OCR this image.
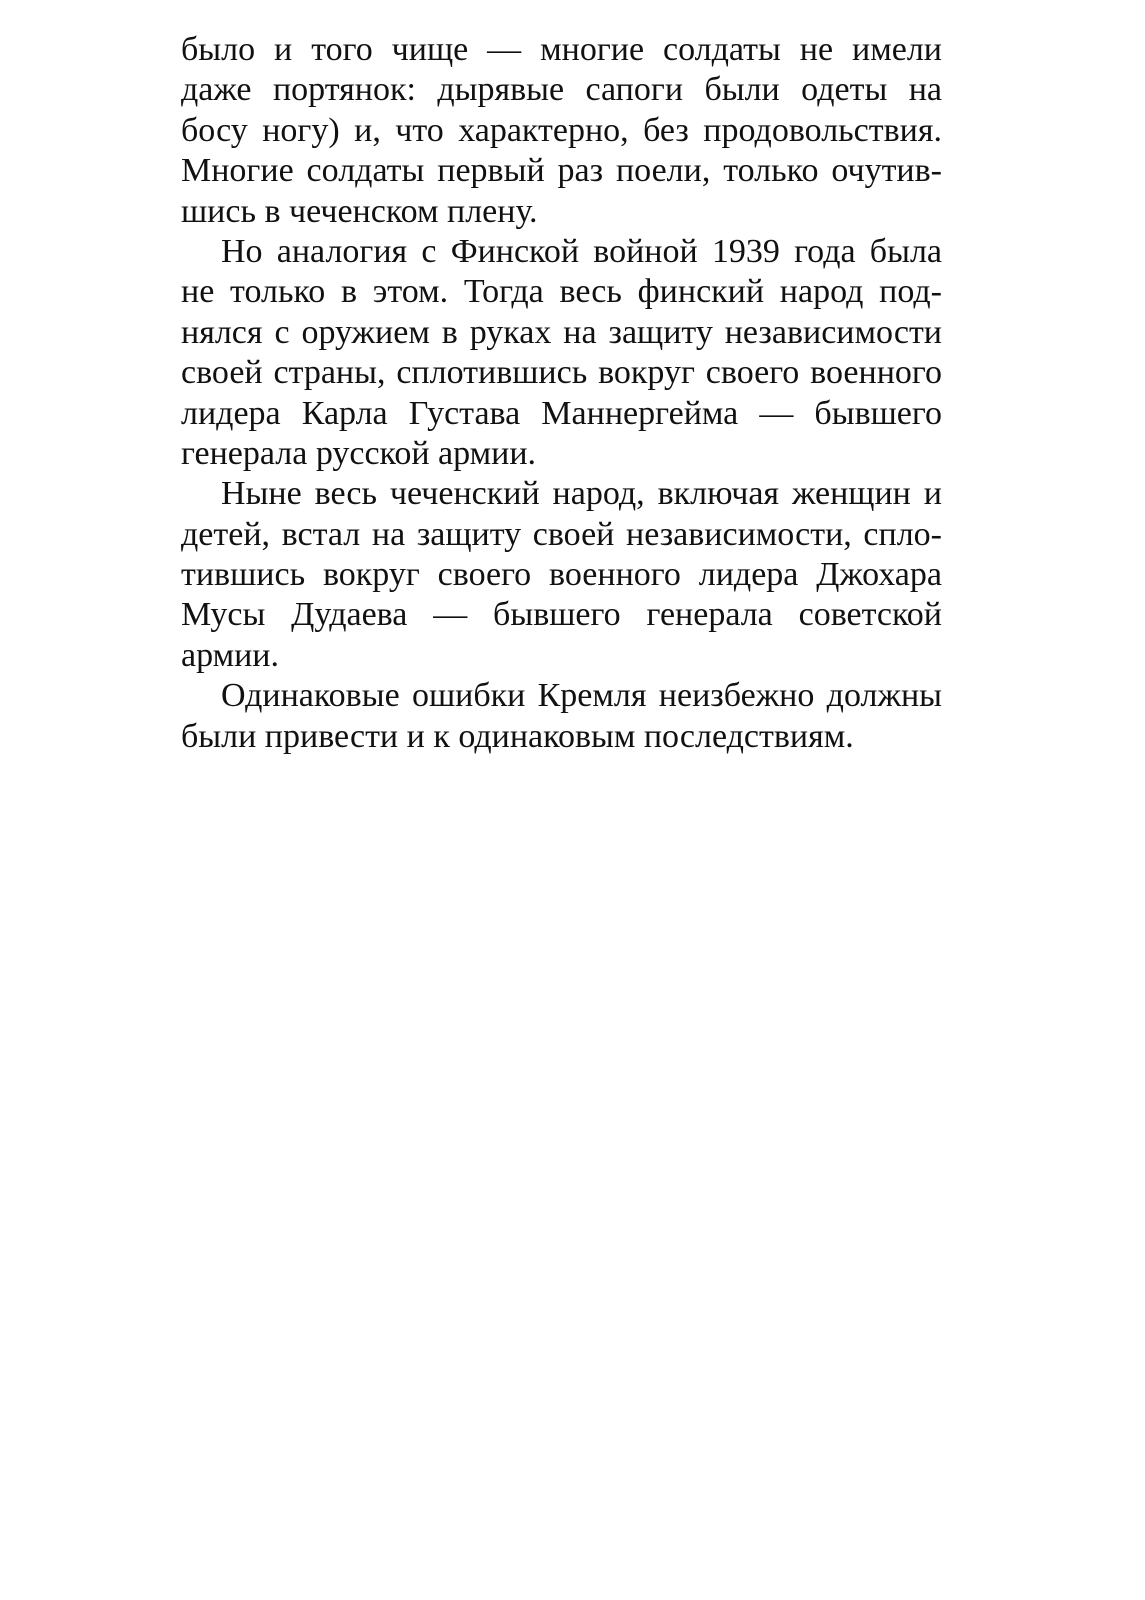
было и того чище — многие солдаты не имели
даже портянок: дырявые сапоги были одеты на
босу ногу) и, что характерно, без продовольствия.
Многие солдаты первый раз поели, только очутив-
шись в чеченском плену.
Но аналогия с Финской войной 1939 года была
не только в этом. Тогда весь финский народ под-
нялся с оружием в руках на защиту независимости
своей страны, сплотившись вокруг своего военного
лидера Карла Густава Маннергейма — бывшего
генерала русской армии.
Ныне весь чеченский народ, включая женщин и
детей, встал на защиту своей независимости, спло-
тившись вокруг своего военного лидера Джохара
Мусы Дудаева — бывшего генерала советской
армии.
Одинаковые ошибки Кремля неизбежно должны
были привести и к одинаковым последствиям.
